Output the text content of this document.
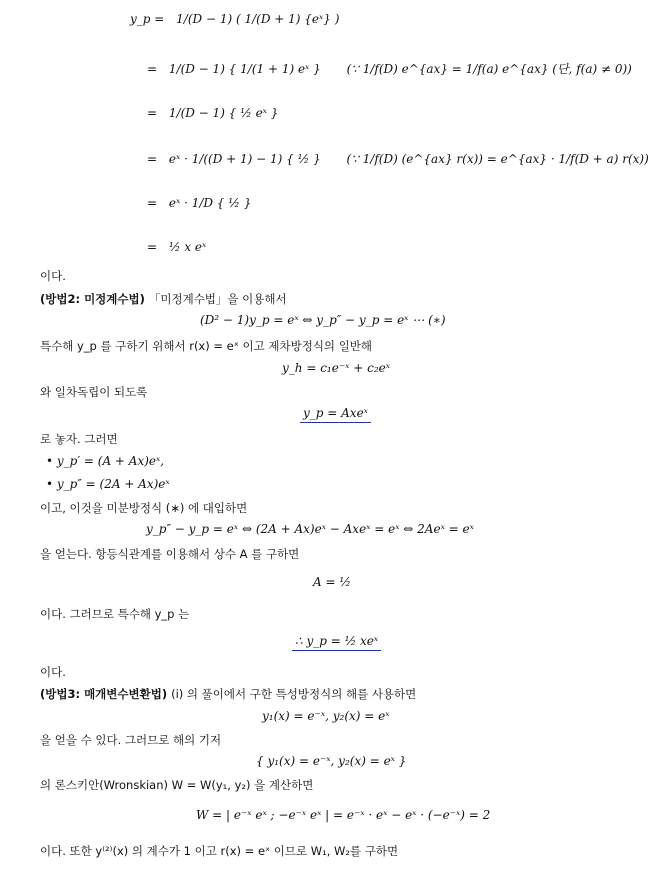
y_p = 1/(D − 1) ( 1/(D + 1) {eˣ} )
= 1/(D − 1) { 1/(1 + 1) eˣ } (∵ 1/f(D) e^{ax} = 1/f(a) e^{ax} (단, f(a) ≠ 0))
= 1/(D − 1) { ½ eˣ }
= eˣ · 1/((D + 1) − 1) { ½ } (∵ 1/f(D) (e^{ax} r(x)) = e^{ax} · 1/f(D + a) r(x))
= eˣ · 1/D { ½ }
= ½ x eˣ
이다.
(방법2: 미정계수법) 「미정계수법」을 이용해서
(D² − 1)y_p = eˣ ⇔ y_p″ − y_p = eˣ ⋯ (∗)
특수해 y_p 를 구하기 위해서 r(x) = eˣ 이고 제차방정식의 일반해
y_h = c₁e⁻ˣ + c₂eˣ
와 일차독립이 되도록
y_p = Axeˣ
로 놓자. 그러면
• y_p′ = (A + Ax)eˣ,
• y_p″ = (2A + Ax)eˣ
이고, 이것을 미분방정식 (∗) 에 대입하면
y_p″ − y_p = eˣ ⇔ (2A + Ax)eˣ − Axeˣ = eˣ ⇔ 2Aeˣ = eˣ
을 얻는다. 항등식관계를 이용해서 상수 A 를 구하면
A = ½
이다. 그러므로 특수해 y_p 는
∴ y_p = ½ xeˣ
이다.
(방법3: 매개변수변환법) (i) 의 풀이에서 구한 특성방정식의 해를 사용하면
y₁(x) = e⁻ˣ, y₂(x) = eˣ
을 얻을 수 있다. 그러므로 해의 기저
{ y₁(x) = e⁻ˣ, y₂(x) = eˣ }
의 론스키안(Wronskian) W = W(y₁, y₂) 을 계산하면
W = | e⁻ˣ eˣ ; −e⁻ˣ eˣ | = e⁻ˣ · eˣ − eˣ · (−e⁻ˣ) = 2
이다. 또한 y⁽²⁾(x) 의 계수가 1 이고 r(x) = eˣ 이므로 W₁, W₂를 구하면
